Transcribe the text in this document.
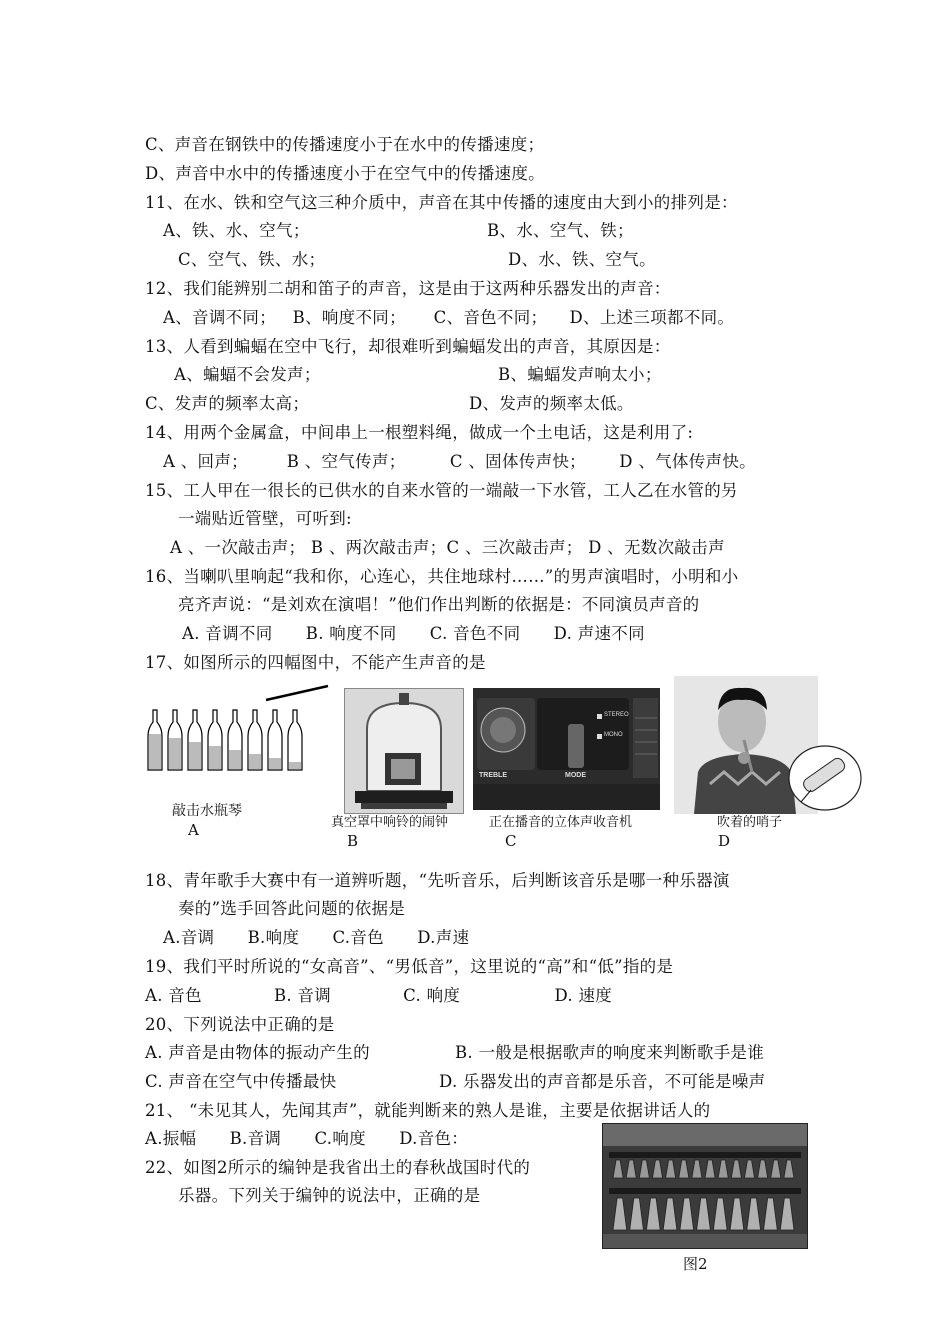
C、声音在钢铁中的传播速度小于在水中的传播速度；
D、声音中水中的传播速度小于在空气中的传播速度。
11、在水、铁和空气这三种介质中，声音在其中传播的速度由大到小的排列是：
A、铁、水、空气；	B、水、空气、铁；
C、空气、铁、水；	D、水、铁、空气。
12、我们能辨别二胡和笛子的声音，这是由于这两种乐器发出的声音：
A、音调不同；   B、响度不同；     C、音色不同；    D、上述三项都不同。
13、人看到蝙蝠在空中飞行，却很难听到蝙蝠发出的声音，其原因是：
A、蝙蝠不会发声；	B、蝙蝠发声响太小；
C、发声的频率太高；	D、发声的频率太低。
14、用两个金属盒，中间串上一根塑料绳，做成一个土电话，这是利用了:
A 、回声；       B 、空气传声；        C 、固体传声快；      D 、气体传声快。
15、工人甲在一很长的已供水的自来水管的一端敲一下水管，工人乙在水管的另
一端贴近管壁，可听到:
A 、一次敲击声； B 、两次敲击声；C 、三次敲击声； D 、无数次敲击声
16、当喇叭里响起“我和你，心连心，共住地球村……”的男声演唱时，小明和小
亮齐声说：“是刘欢在演唱！”他们作出判断的依据是：不同演员声音的
A. 音调不同      B. 响度不同      C. 音色不同      D. 声速不同
17、如图所示的四幅图中，不能产生声音的是
敲击水瓶琴
A	真空罩中响铃的闹钟
B
TREBLE	MODE
STEREO
MONO
正在播音的立体声收音机
C
吹着的哨子
D
18、青年歌手大赛中有一道辨听题，“先听音乐，后判断该音乐是哪一种乐器演
奏的”选手回答此问题的依据是
A.音调      B.响度      C.音色      D.声速
19、我们平时所说的“女高音”、“男低音”，这里说的“高”和“低”指的是
A. 音色             B. 音调             C. 响度                 D. 速度
20、下列说法中正确的是
A. 声音是由物体的振动产生的	B. 一般是根据歌声的响度来判断歌手是谁
C. 声音在空气中传播最快	D. 乐器发出的声音都是乐音，不可能是噪声
21、 “未见其人，先闻其声”，就能判断来的熟人是谁，主要是依据讲话人的
A.振幅      B.音调      C.响度      D.音色：
22、如图2所示的编钟是我省出土的春秋战国时代的
乐器。下列关于编钟的说法中，正确的是
图2
